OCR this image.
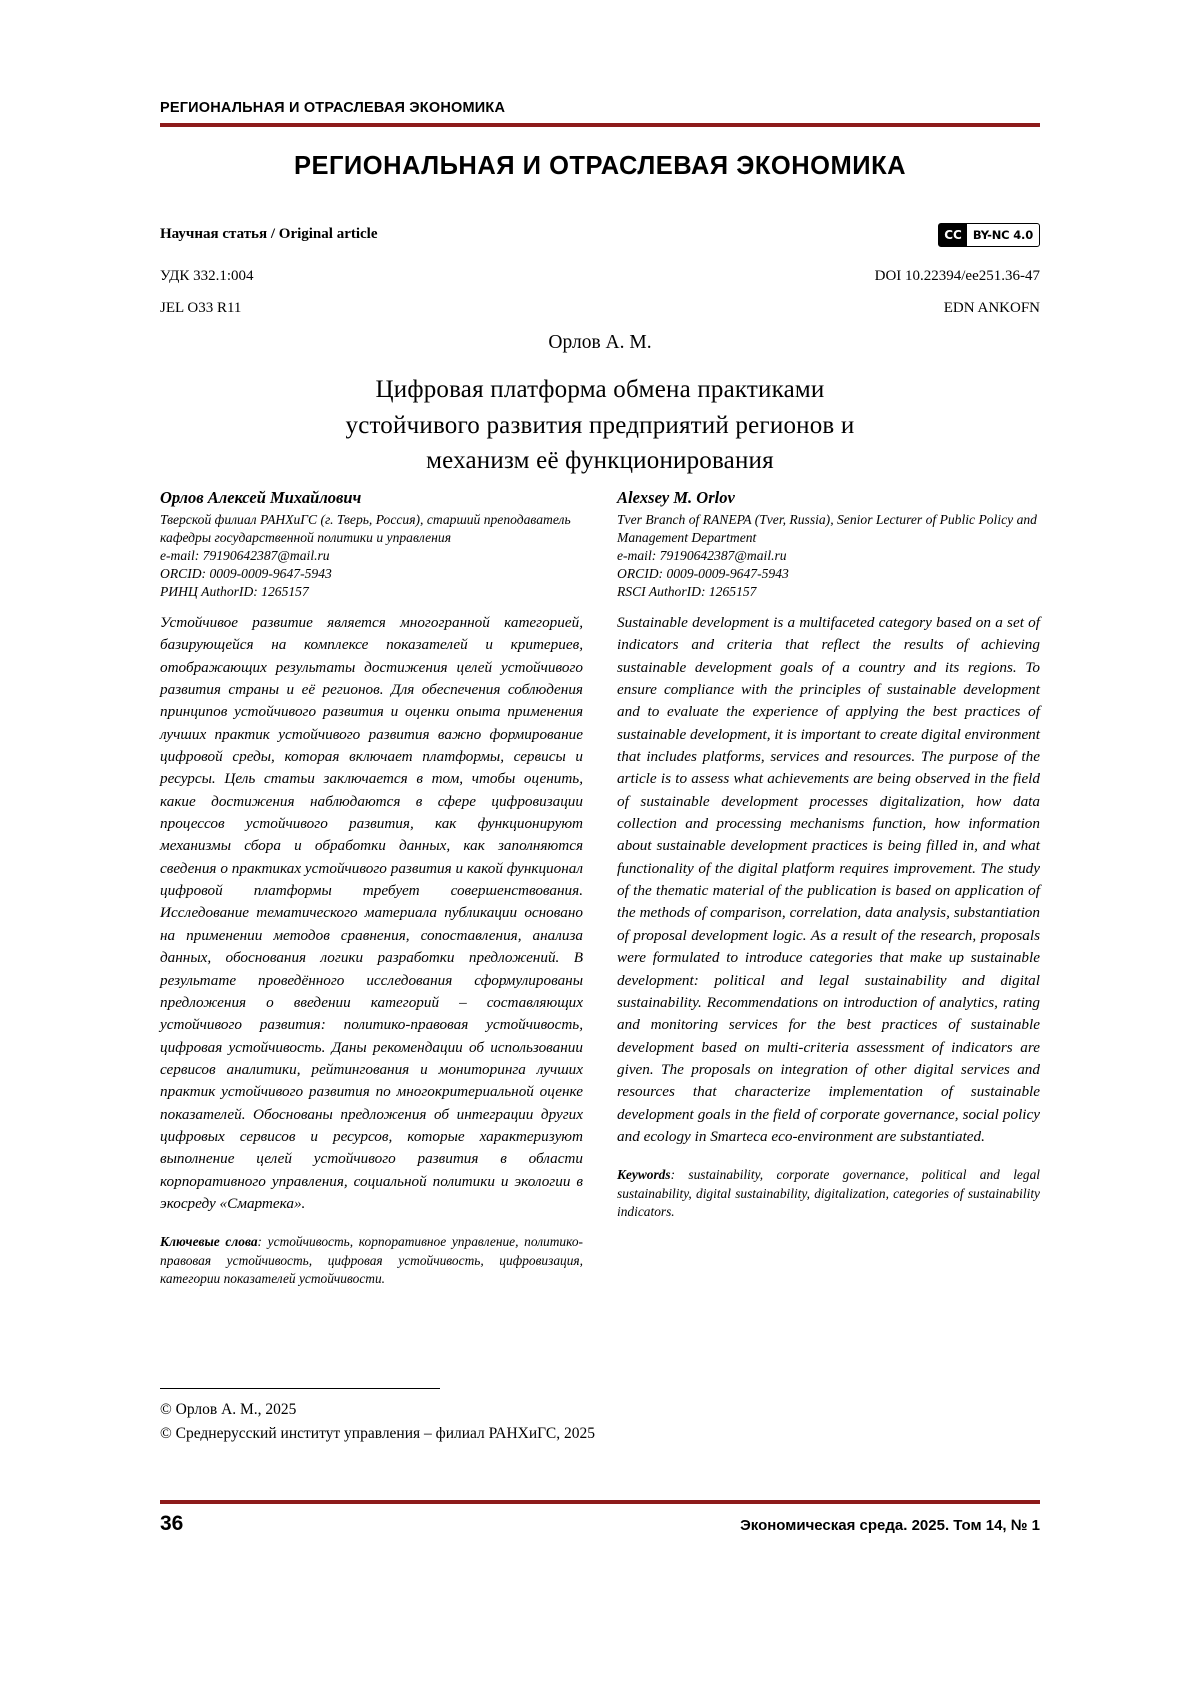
РЕГИОНАЛЬНАЯ И ОТРАСЛЕВАЯ ЭКОНОМИКА
РЕГИОНАЛЬНАЯ И ОТРАСЛЕВАЯ ЭКОНОМИКА
Научная статья / Original article	CC BY-NC 4.0
УДК 332.1:004	DOI 10.22394/ee251.36-47
JEL O33 R11	EDN ANKOFN
Орлов А. М.
Цифровая платформа обмена практиками
устойчивого развития предприятий регионов и
механизм её функционирования
Орлов Алексей Михайлович
Тверской филиал РАНХиГС (г. Тверь, Россия), старший преподаватель кафедры государственной политики и управления
e-mail: 79190642387@mail.ru
ORCID: 0009-0009-9647-5943
РИНЦ AuthorID: 1265157
Alexsey M. Orlov
Tver Branch of RANEPA (Tver, Russia), Senior Lecturer of Public Policy and Management Department
e-mail: 79190642387@mail.ru
ORCID: 0009-0009-9647-5943
RSCI AuthorID: 1265157
Устойчивое развитие является многогранной категорией, базирующейся на комплексе показателей и критериев, отображающих результаты достижения целей устойчивого развития страны и её регионов. Для обеспечения соблюдения принципов устойчивого развития и оценки опыта применения лучших практик устойчивого развития важно формирование цифровой среды, которая включает платформы, сервисы и ресурсы. Цель статьи заключается в том, чтобы оценить, какие достижения наблюдаются в сфере цифровизации процессов устойчивого развития, как функционируют механизмы сбора и обработки данных, как заполняются сведения о практиках устойчивого развития и какой функционал цифровой платформы требует совершенствования. Исследование тематического материала публикации основано на применении методов сравнения, сопоставления, анализа данных, обоснования логики разработки предложений. В результате проведённого исследования сформулированы предложения о введении категорий – составляющих устойчивого развития: политико-правовая устойчивость, цифровая устойчивость. Даны рекомендации об использовании сервисов аналитики, рейтингования и мониторинга лучших практик устойчивого развития по многокритериальной оценке показателей. Обоснованы предложения об интеграции других цифровых сервисов и ресурсов, которые характеризуют выполнение целей устойчивого развития в области корпоративного управления, социальной политики и экологии в экосреду «Смартека».
Ключевые слова: устойчивость, корпоративное управление, политико-правовая устойчивость, цифровая устойчивость, цифровизация, категории показателей устойчивости.
Sustainable development is a multifaceted category based on a set of indicators and criteria that reflect the results of achieving sustainable development goals of a country and its regions. To ensure compliance with the principles of sustainable development and to evaluate the experience of applying the best practices of sustainable development, it is important to create digital environment that includes platforms, services and resources. The purpose of the article is to assess what achievements are being observed in the field of sustainable development processes digitalization, how data collection and processing mechanisms function, how information about sustainable development practices is being filled in, and what functionality of the digital platform requires improvement. The study of the thematic material of the publication is based on application of the methods of comparison, correlation, data analysis, substantiation of proposal development logic. As a result of the research, proposals were formulated to introduce categories that make up sustainable development: political and legal sustainability and digital sustainability. Recommendations on introduction of analytics, rating and monitoring services for the best practices of sustainable development based on multi-criteria assessment of indicators are given. The proposals on integration of other digital services and resources that characterize implementation of sustainable development goals in the field of corporate governance, social policy and ecology in Smarteca eco-environment are substantiated.
Keywords: sustainability, corporate governance, political and legal sustainability, digital sustainability, digitalization, categories of sustainability indicators.
© Орлов А. М., 2025
© Среднерусский институт управления – филиал РАНХиГС, 2025
36	Экономическая среда. 2025. Том 14, № 1
